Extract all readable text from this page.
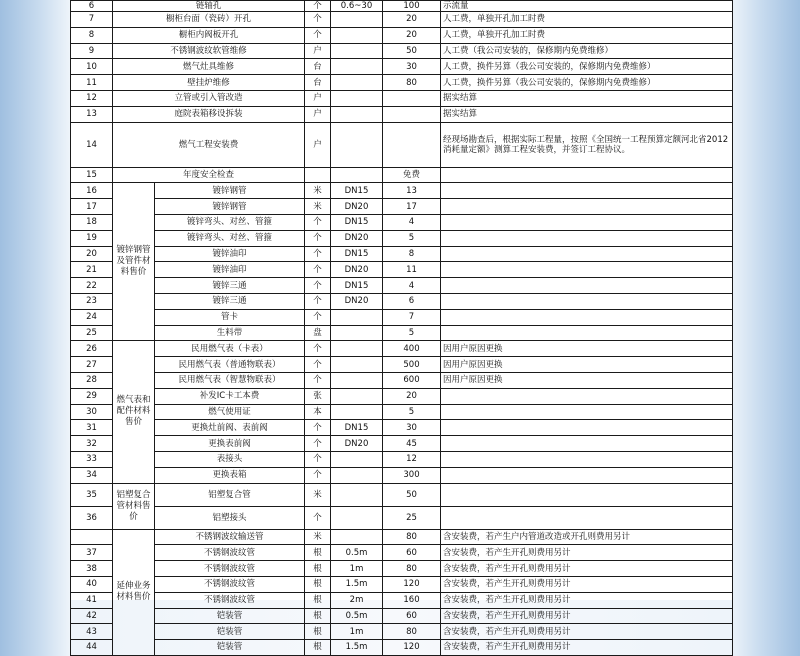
6	链轴孔		个	0.6~30	100	示流量
7	橱柜台面（瓷砖）开孔		个		20	人工费，单独开孔加工时费
8	橱柜内阀板开孔		个		20	人工费，单独开孔加工时费
9	不锈钢波纹软管维修		户		50	人工费（我公司安装的，保修期内免费维修）
10	燃气灶具维修		台		30	人工费，换件另算（我公司安装的，保修期内免费维修）
11	壁挂炉维修		台		80	人工费，换件另算（我公司安装的，保修期内免费维修）
12	立管或引入管改造		户			据实结算
13	庭院表箱移设拆装		户			据实结算
14	燃气工程安装费		户			经现场勘查后，根据实际工程量，按照《全国统一工程预算定额河北省2012消耗量定额》测算工程安装费，并签订工程协议。
15	年度安全检查				免费	
16	镀锌钢管及管件材料售价	镀锌钢管	米	DN15	13	
17		镀锌钢管	米	DN20	17	
18		镀锌弯头、对丝、管箍	个	DN15	4	
19		镀锌弯头、对丝、管箍	个	DN20	5	
20		镀锌油印	个	DN15	8	
21		镀锌油印	个	DN20	11	
22		镀锌三通	个	DN15	4	
23		镀锌三通	个	DN20	6	
24		管卡	个		7	
25		生料带	盘		5	
26	燃气表和配件材料售价	民用燃气表（卡表）	个		400	因用户原因更换
27		民用燃气表（普通物联表）	个		500	因用户原因更换
28		民用燃气表（智慧物联表）	个		600	因用户原因更换
29		补发IC卡工本费	张		20	
30		燃气使用证	本		5	
31		更换灶前阀、表前阀	个	DN15	30	
32		更换表前阀	个	DN20	45	
33		表接头	个		12	
34		更换表箱	个		300	
35	铝塑复合管材料售价	铝塑复合管	米		50	
36		铝塑接头	个		25	
	延伸业务材料售价	不锈钢波纹输送管	米		80	含安装费，若产生户内管道改造或开孔则费用另计
37		不锈钢波纹管	根	0.5m	60	含安装费，若产生开孔则费用另计
38		不锈钢波纹管	根	1m	80	含安装费，若产生开孔则费用另计
40		不锈钢波纹管	根	1.5m	120	含安装费，若产生开孔则费用另计
41		不锈钢波纹管	根	2m	160	含安装费，若产生开孔则费用另计
42		铠装管	根	0.5m	60	含安装费，若产生开孔则费用另计
43		铠装管	根	1m	80	含安装费，若产生开孔则费用另计
44		铠装管	根	1.5m	120	含安装费，若产生开孔则费用另计
